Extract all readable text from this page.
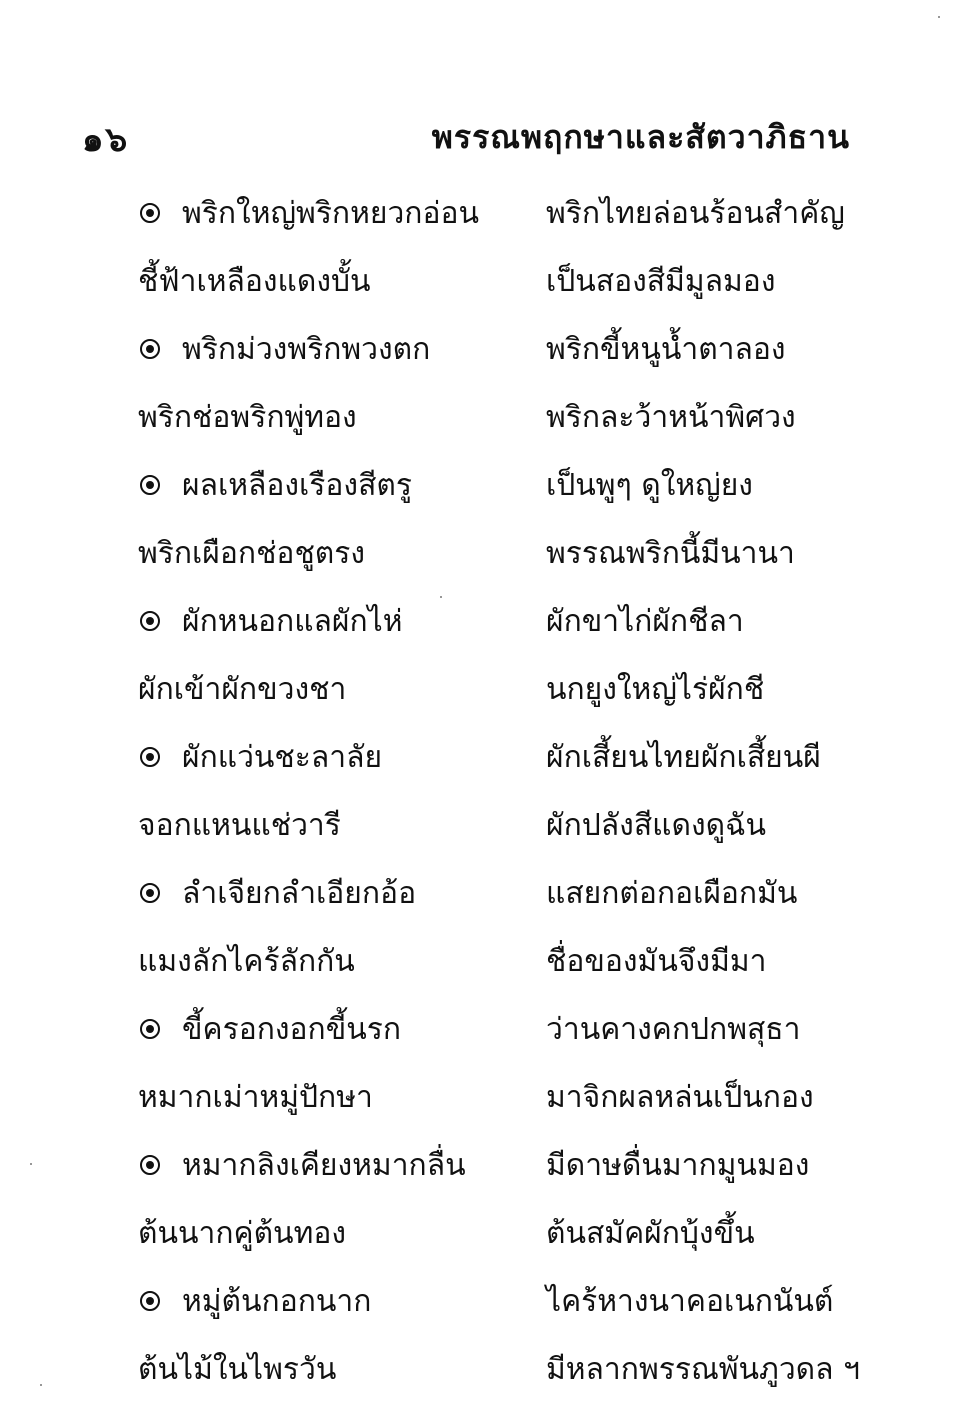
๑๖	พรรณพฤกษาและสัตวาภิธาน
พริกใหญ่พริกหยวกอ่อน	พริกไทยล่อนร้อนสำคัญ
ชี้ฟ้าเหลืองแดงบั้น	เป็นสองสีมีมูลมอง
พริกม่วงพริกพวงตก	พริกขี้หนูน้ำตาลอง
พริกช่อพริกพู่ทอง	พริกละว้าหน้าพิศวง
ผลเหลืองเรืองสีตรู	เป็นพูๆ ดูใหญ่ยง
พริกเผือกช่อชูตรง	พรรณพริกนี้มีนานา
ผักหนอกแลผักไห่	ผักขาไก่ผักชีลา
ผักเข้าผักขวงชา	นกยูงใหญ่ไร่ผักชี
ผักแว่นชะลาลัย	ผักเสี้ยนไทยผักเสี้ยนผี
จอกแหนแช่วารี	ผักปลังสีแดงดูฉัน
ลำเจียกลำเอียกอ้อ	แสยกต่อกอเผือกมัน
แมงลักไคร้ลักกัน	ชื่อของมันจึงมีมา
ขี้ครอกงอกขี้นรก	ว่านคางคกปกพสุธา
หมากเม่าหมู่ปักษา	มาจิกผลหล่นเป็นกอง
หมากลิงเคียงหมากลื่น	มีดาษดื่นมากมูนมอง
ต้นนากคู่ต้นทอง	ต้นสมัคผักบุ้งขึ้น
หมู่ต้นกอกนาก	ไคร้หางนาคอเนกนันต์
ต้นไม้ในไพรวัน	มีหลากพรรณพันภูวดล ฯ
